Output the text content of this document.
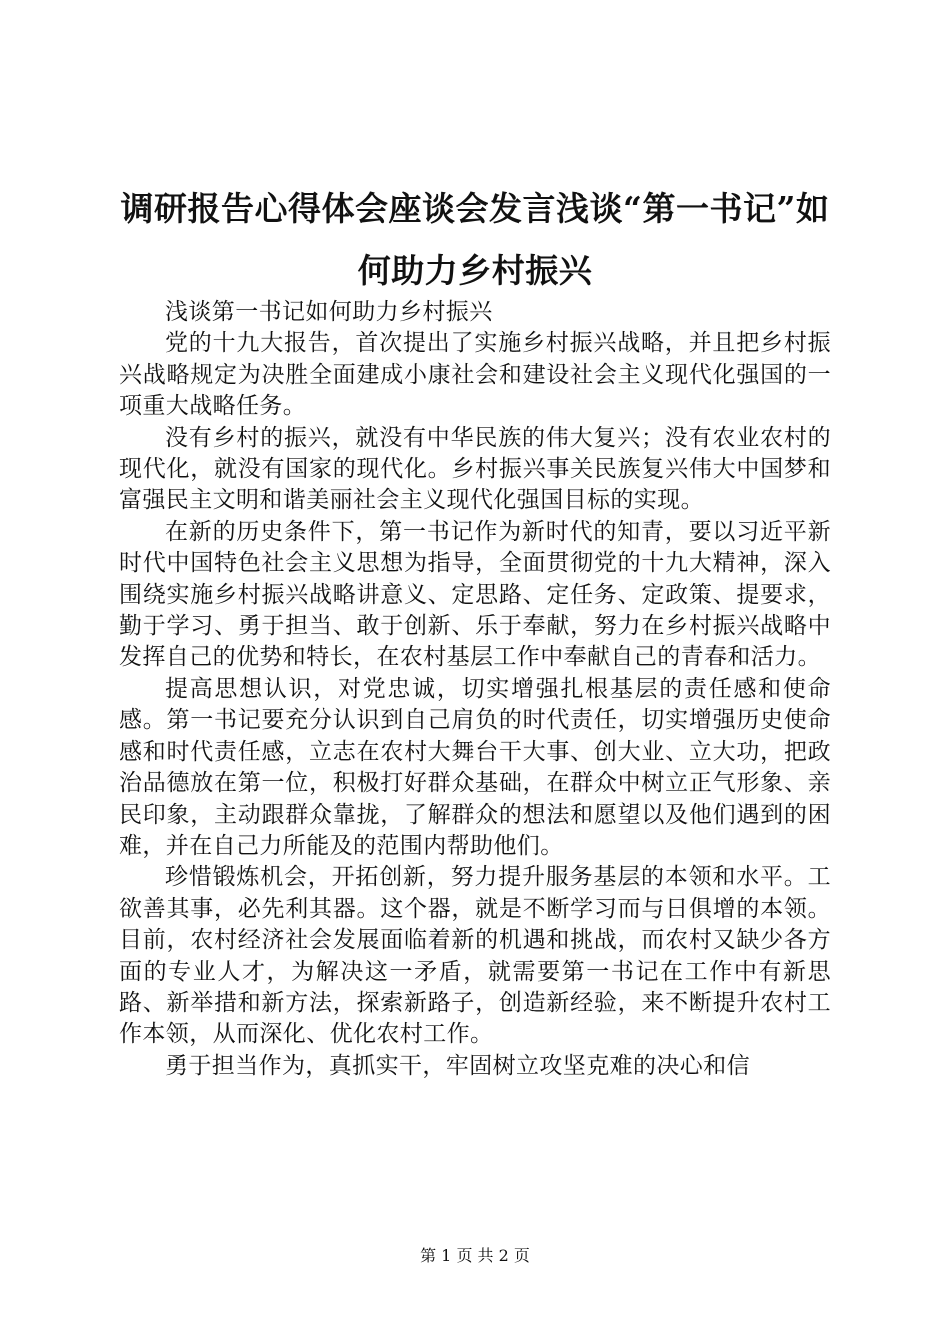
调研报告心得体会座谈会发言浅谈“第一书记”如何助力乡村振兴

浅谈第一书记如何助力乡村振兴

党的十九大报告，首次提出了实施乡村振兴战略，并且把乡村振兴战略规定为决胜全面建成小康社会和建设社会主义现代化强国的一项重大战略任务。

没有乡村的振兴，就没有中华民族的伟大复兴；没有农业农村的现代化，就没有国家的现代化。乡村振兴事关民族复兴伟大中国梦和富强民主文明和谐美丽社会主义现代化强国目标的实现。

在新的历史条件下，第一书记作为新时代的知青，要以习近平新时代中国特色社会主义思想为指导，全面贯彻党的十九大精神，深入围绕实施乡村振兴战略讲意义、定思路、定任务、定政策、提要求，勤于学习、勇于担当、敢于创新、乐于奉献，努力在乡村振兴战略中发挥自己的优势和特长，在农村基层工作中奉献自己的青春和活力。

提高思想认识，对党忠诚，切实增强扎根基层的责任感和使命感。第一书记要充分认识到自己肩负的时代责任，切实增强历史使命感和时代责任感，立志在农村大舞台干大事、创大业、立大功，把政治品德放在第一位，积极打好群众基础，在群众中树立正气形象、亲民印象，主动跟群众靠拢，了解群众的想法和愿望以及他们遇到的困难，并在自己力所能及的范围内帮助他们。

珍惜锻炼机会，开拓创新，努力提升服务基层的本领和水平。工欲善其事，必先利其器。这个器，就是不断学习而与日俱增的本领。目前，农村经济社会发展面临着新的机遇和挑战，而农村又缺少各方面的专业人才，为解决这一矛盾，就需要第一书记在工作中有新思路、新举措和新方法，探索新路子，创造新经验，来不断提升农村工作本领，从而深化、优化农村工作。

勇于担当作为，真抓实干，牢固树立攻坚克难的决心和信

第 1 页 共 2 页
